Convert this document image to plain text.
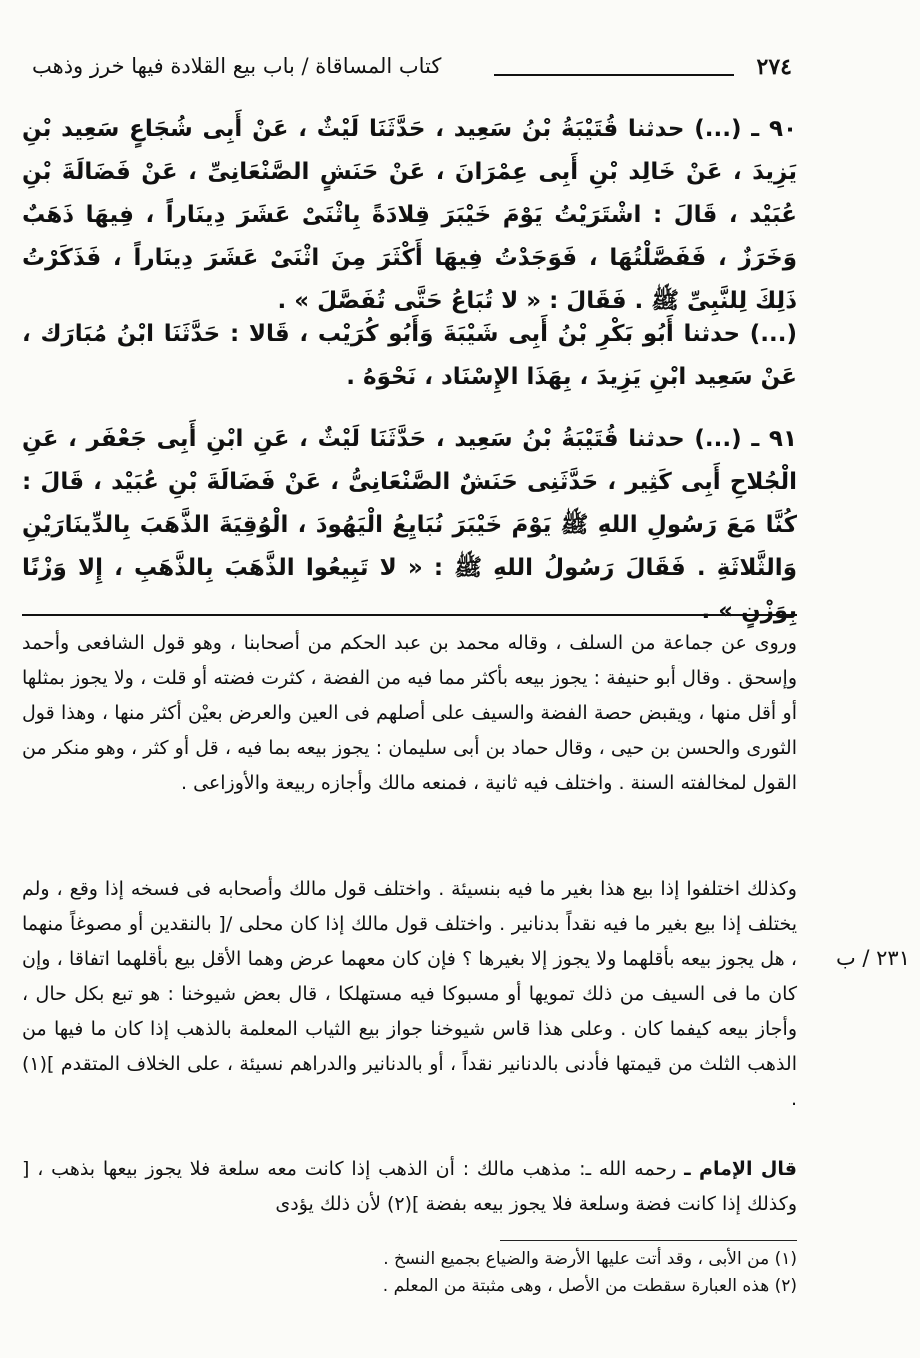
٢٧٤
كتاب المساقاة / باب بيع القلادة فيها خرز وذهب
٩٠ ـ (...) حدثنا قُتَيْبَةُ بْنُ سَعِيد ، حَدَّثَنَا لَيْثٌ ، عَنْ أَبِى شُجَاعٍ سَعِيد بْنِ يَزِيدَ ، عَنْ خَالِد بْنِ أَبِى عِمْرَانَ ، عَنْ حَنَشٍ الصَّنْعَانِىِّ ، عَنْ فَضَالَةَ بْنِ عُبَيْد ، قَالَ : اشْتَرَيْتُ يَوْمَ خَيْبَرَ قِلادَةً بِاثْنَىْ عَشَرَ دِينَاراً ، فِيهَا ذَهَبٌ وَخَرَزٌ ، فَفَصَّلْتُهَا ، فَوَجَدْتُ فِيهَا أَكْثَرَ مِنَ اثْنَىْ عَشَرَ دِينَاراً ، فَذَكَرْتُ ذَلِكَ لِلنَّبِىِّ ﷺ . فَقَالَ : « لا تُبَاعُ حَتَّى تُفَصَّلَ » .
(...) حدثنا أَبُو بَكْرِ بْنُ أَبِى شَيْبَةَ وَأَبُو كُرَيْب ، قَالا : حَدَّثَنَا ابْنُ مُبَارَك ، عَنْ سَعِيد ابْنِ يَزِيدَ ، بِهَذَا الإِسْنَاد ، نَحْوَهُ .
٩١ ـ (...) حدثنا قُتَيْبَةُ بْنُ سَعِيد ، حَدَّثَنَا لَيْثٌ ، عَنِ ابْنِ أَبِى جَعْفَر ، عَنِ الْجُلاحِ أَبِى كَثِير ، حَدَّثَنِى حَنَشٌ الصَّنْعَانِىُّ ، عَنْ فَضَالَةَ بْنِ عُبَيْد ، قَالَ : كُنَّا مَعَ رَسُولِ اللهِ ﷺ يَوْمَ خَيْبَرَ نُبَايِعُ الْيَهُودَ ، الْوُقِيَةَ الذَّهَبَ بِالدِّينَارَيْنِ وَالثَّلاثَةِ . فَقَالَ رَسُولُ اللهِ ﷺ : « لا تَبِيعُوا الذَّهَبَ بِالذَّهَبِ ، إِلا وَزْنًا بِوَزْنٍ » .
وروى عن جماعة من السلف ، وقاله محمد بن عبد الحكم من أصحابنا ، وهو قول الشافعى وأحمد وإسحق . وقال أبو حنيفة : يجوز بيعه بأكثر مما فيه من الفضة ، كثرت فضته أو قلت ، ولا يجوز بمثلها أو أقل منها ، ويقبض حصة الفضة والسيف على أصلهم فى العين والعرض بعيْن أكثر منها ، وهذا قول الثورى والحسن بن حيى ، وقال حماد بن أبى سليمان : يجوز بيعه بما فيه ، قل أو كثر ، وهو منكر من القول لمخالفته السنة . واختلف فيه ثانية ، فمنعه مالك وأجازه ربيعة والأوزاعى .
وكذلك اختلفوا إذا بيع هذا بغير ما فيه بنسيئة . واختلف قول مالك وأصحابه فى فسخه إذا وقع ، ولم يختلف إذا بيع بغير ما فيه نقداً بدنانير . واختلف قول مالك إذا كان محلى /[ بالنقدين أو مصوغاً منهما ، هل يجوز بيعه بأقلهما ولا يجوز إلا بغيرها ؟ فإن كان معهما عرض وهما الأقل بيع بأقلهما اتفاقا ، وإن كان ما فى السيف من ذلك تمويها أو مسبوكا فيه مستهلكا ، قال بعض شيوخنا : هو تبع بكل حال ، وأجاز بيعه كيفما كان . وعلى هذا قاس شيوخنا جواز بيع الثياب المعلمة بالذهب إذا كان ما فيها من الذهب الثلث من قيمتها فأدنى بالدنانير نقداً ، أو بالدنانير والدراهم نسيئة ، على الخلاف المتقدم ](١) .
٢٣١ / ب
قال الإمام ـ رحمه الله ـ: مذهب مالك : أن الذهب إذا كانت معه سلعة فلا يجوز بيعها بذهب ، [ وكذلك إذا كانت فضة وسلعة فلا يجوز بيعه بفضة ](٢) لأن ذلك يؤدى
(١) من الأبى ، وقد أتت عليها الأرضة والضياع بجميع النسخ .
(٢) هذه العبارة سقطت من الأصل ، وهى مثبتة من المعلم .
